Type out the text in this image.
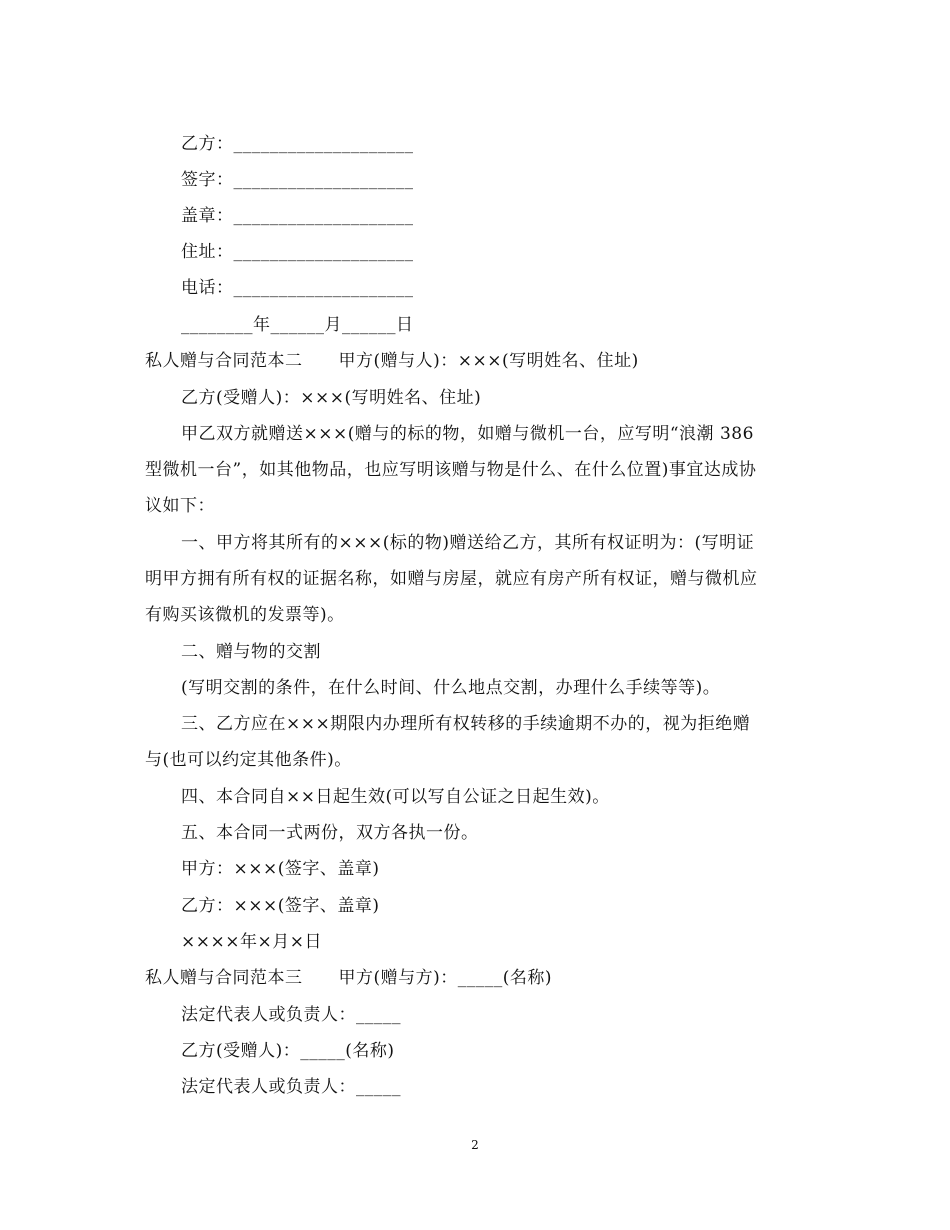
乙方：____________________
签字：____________________
盖章：____________________
住址：____________________
电话：____________________
________年______月______日
私人赠与合同范本二 甲方(赠与人)：×××(写明姓名、住址)
乙方(受赠人)：×××(写明姓名、住址)
甲乙双方就赠送×××(赠与的标的物，如赠与微机一台，应写明“浪潮 386
型微机一台”，如其他物品，也应写明该赠与物是什么、在什么位置)事宜达成协
议如下：
一、甲方将其所有的×××(标的物)赠送给乙方，其所有权证明为：(写明证
明甲方拥有所有权的证据名称，如赠与房屋，就应有房产所有权证，赠与微机应
有购买该微机的发票等)。
二、赠与物的交割
(写明交割的条件，在什么时间、什么地点交割，办理什么手续等等)。
三、乙方应在×××期限内办理所有权转移的手续逾期不办的，视为拒绝赠
与(也可以约定其他条件)。
四、本合同自××日起生效(可以写自公证之日起生效)。
五、本合同一式两份，双方各执一份。
甲方：×××(签字、盖章)
乙方：×××(签字、盖章)
××××年×月×日
私人赠与合同范本三 甲方(赠与方)：_____(名称)
法定代表人或负责人：_____
乙方(受赠人)：_____(名称)
法定代表人或负责人：_____
2
